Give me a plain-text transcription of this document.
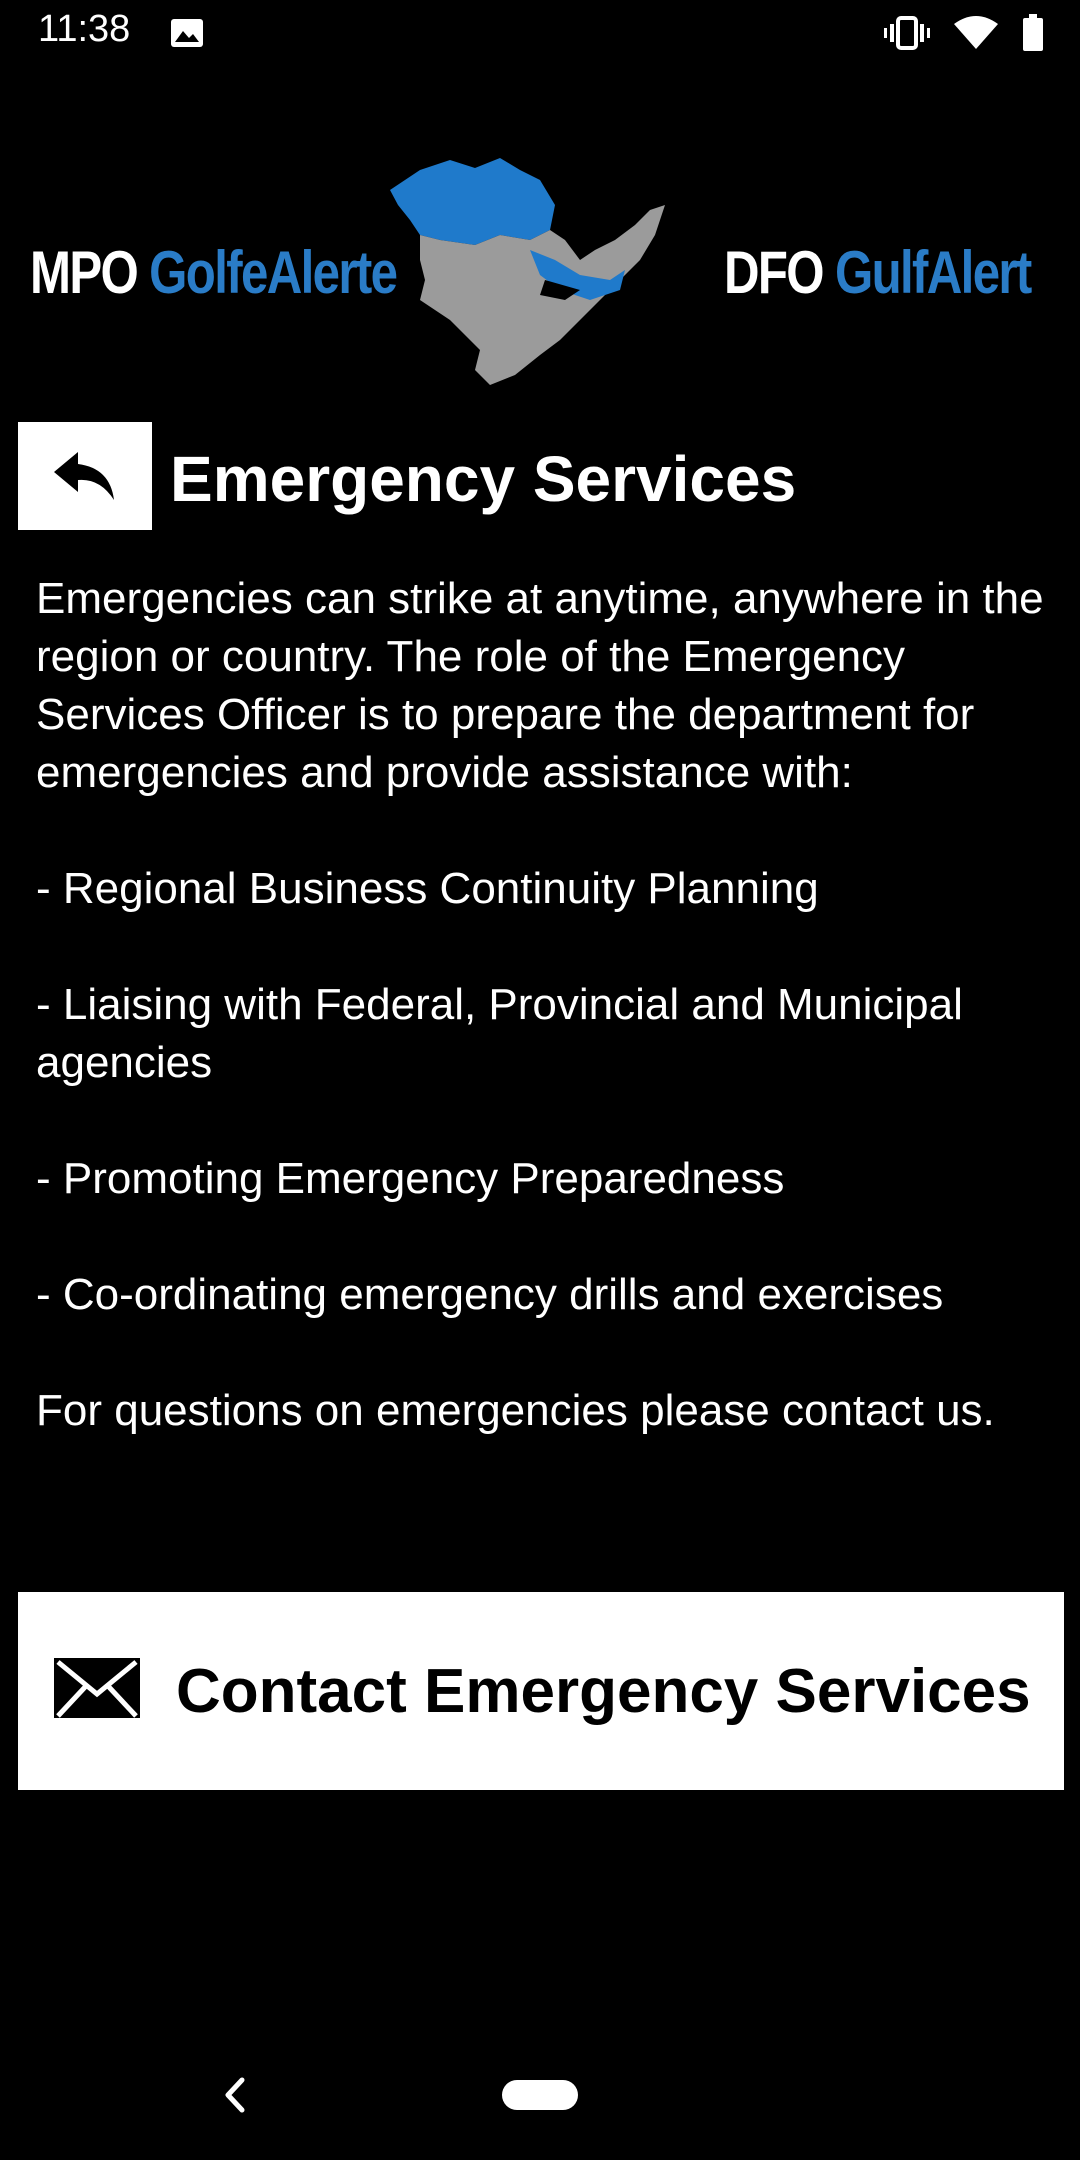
11:38
MPO GolfeAlerte	DFO GulfAlert
Emergency Services

Emergencies can strike at anytime, anywhere in the region or country. The role of the Emergency Services Officer is to prepare the department for emergencies and provide assistance with:

- Regional Business Continuity Planning

- Liaising with Federal, Provincial and Municipal agencies

- Promoting Emergency Preparedness

- Co-ordinating emergency drills and exercises

For questions on emergencies please contact us.

Contact Emergency Services
